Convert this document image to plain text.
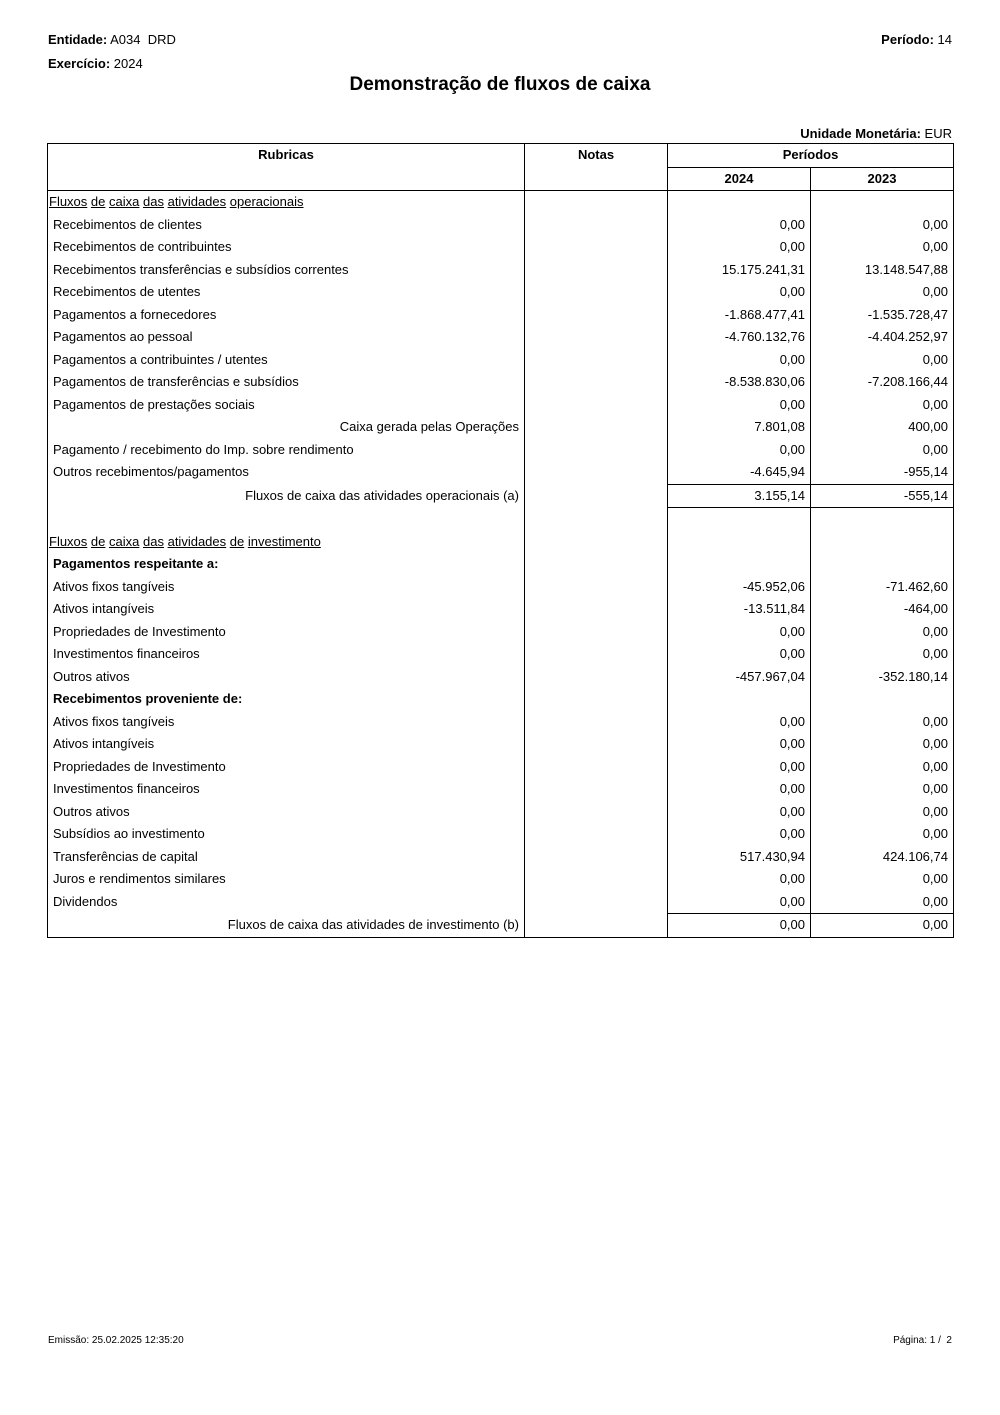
Entidade: A034  DRD	Período: 14
Exercício: 2024
Demonstração de fluxos de caixa
Unidade Monetária: EUR
Rubricas	Notas	Períodos	
		2024	2023
Fluxos de caixa das atividades operacionais			
Recebimentos de clientes		0,00	0,00
Recebimentos de contribuintes		0,00	0,00
Recebimentos transferências e subsídios correntes		15.175.241,31	13.148.547,88
Recebimentos de utentes		0,00	0,00
Pagamentos a fornecedores		-1.868.477,41	-1.535.728,47
Pagamentos ao pessoal		-4.760.132,76	-4.404.252,97
Pagamentos a contribuintes / utentes		0,00	0,00
Pagamentos de transferências e subsídios		-8.538.830,06	-7.208.166,44
Pagamentos de prestações sociais		0,00	0,00
Caixa gerada pelas Operações		7.801,08	400,00
Pagamento / recebimento do Imp. sobre rendimento		0,00	0,00
Outros recebimentos/pagamentos		-4.645,94	-955,14
Fluxos de caixa das atividades operacionais (a)		3.155,14	-555,14

Fluxos de caixa das atividades de investimento			
Pagamentos respeitante a:			
Ativos fixos tangíveis		-45.952,06	-71.462,60
Ativos intangíveis		-13.511,84	-464,00
Propriedades de Investimento		0,00	0,00
Investimentos financeiros		0,00	0,00
Outros ativos		-457.967,04	-352.180,14
Recebimentos proveniente de:			
Ativos fixos tangíveis		0,00	0,00
Ativos intangíveis		0,00	0,00
Propriedades de Investimento		0,00	0,00
Investimentos financeiros		0,00	0,00
Outros ativos		0,00	0,00
Subsídios ao investimento		0,00	0,00
Transferências de capital		517.430,94	424.106,74
Juros e rendimentos similares		0,00	0,00
Dividendos		0,00	0,00
Fluxos de caixa das atividades de investimento (b)		0,00	0,00
Emissão: 25.02.2025 12:35:20	Página: 1 /  2
